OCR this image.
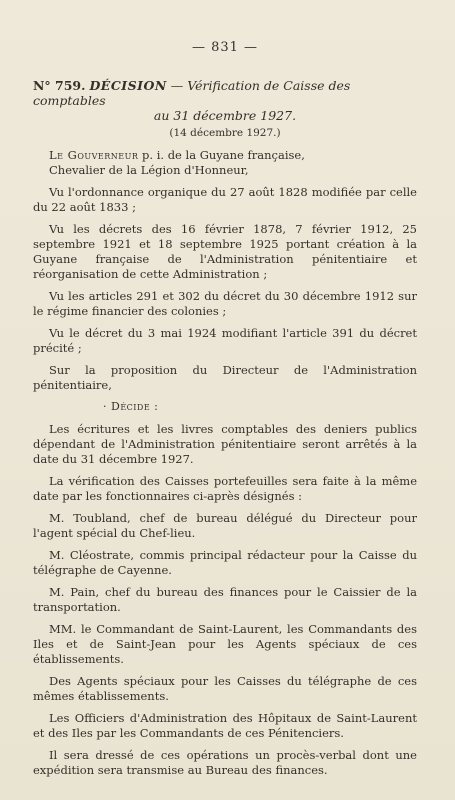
— 831 —
N° 759. DÉCISION — Vérification de Caisse des comptables
au 31 décembre 1927.
(14 décembre 1927.)
Le Gouverneur p. i. de la Guyane française,
Chevalier de la Légion d'Honneur,

Vu l'ordonnance organique du 27 août 1828 modifiée par celle du 22 août 1833 ;

Vu les décrets des 16 février 1878, 7 février 1912, 25 septembre 1921 et 18 septembre 1925 portant création à la Guyane française de l'Administration pénitentiaire et réorganisation de cette Administration ;

Vu les articles 291 et 302 du décret du 30 décembre 1912 sur le régime financier des colonies ;

Vu le décret du 3 mai 1924 modifiant l'article 391 du décret précité ;

Sur la proposition du Directeur de l'Administration pénitentiaire,

· Décide :

Les écritures et les livres comptables des deniers publics dépendant de l'Administration pénitentiaire seront arrêtés à la date du 31 décembre 1927.

La vérification des Caisses portefeuilles sera faite à la même date par les fonctionnaires ci-après désignés :

M. Toubland, chef de bureau délégué du Directeur pour l'agent spécial du Chef-lieu.

M. Cléostrate, commis principal rédacteur pour la Caisse du télégraphe de Cayenne.

M. Pain, chef du bureau des finances pour le Caissier de la transportation.

MM. le Commandant de Saint-Laurent, les Commandants des Iles et de Saint-Jean pour les Agents spéciaux de ces établissements.

Des Agents spéciaux pour les Caisses du télégraphe de ces mêmes établissements.

Les Officiers d'Administration des Hôpitaux de Saint-Laurent et des Iles par les Commandants de ces Pénitenciers.

Il sera dressé de ces opérations un procès-verbal dont une expédition sera transmise au Bureau des finances.
